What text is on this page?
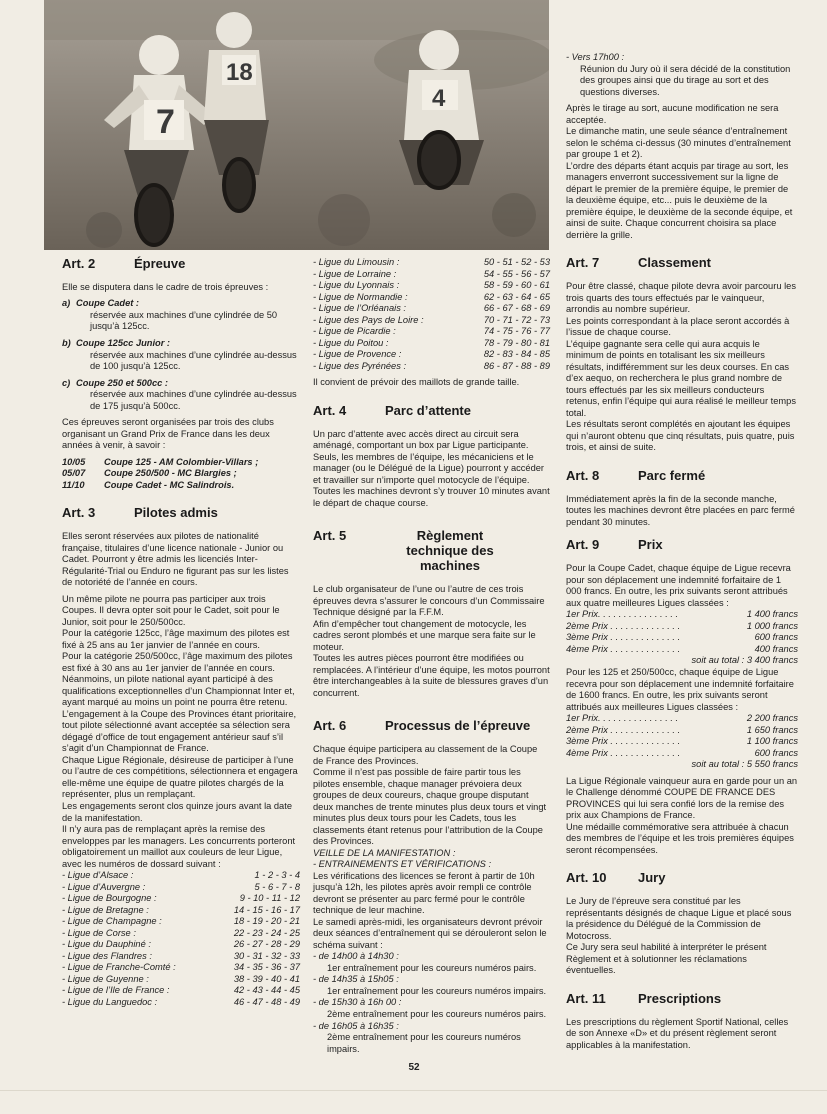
7
18
4
Art. 2	Épreuve

Elle se disputera dans le cadre de trois épreuves :

a) Coupe Cadet :

réservée aux machines d’une cylindrée de 50 jusqu’à 125cc.

b) Coupe 125cc Junior :

réservée aux machines d’une cylindrée au-dessus de 100 jusqu’à 125cc.

c) Coupe 250 et 500cc :

réservée aux machines d’une cylindrée au-dessus de 175 jusqu’à 500cc.

Ces épreuves seront organisées par trois des clubs organisant un Grand Prix de France dans les deux années à venir, à savoir :

10/05	Coupe 125 - AM Colombier-Villars ;
05/07	Coupe 250/500 - MC Blargies ;
11/10	Coupe Cadet - MC Salindrois.
Art. 3	Pilotes admis

Elles seront réservées aux pilotes de nationalité française, titulaires d’une licence nationale - Junior ou Cadet. Pourront y être admis les licenciés Inter-Régularité-Trial ou Enduro ne figurant pas sur les listes de notoriété de l’année en cours.

Un même pilote ne pourra pas participer aux trois Coupes. Il devra opter soit pour le Cadet, soit pour le Junior, soit pour le 250/500cc.

Pour la catégorie 125cc, l’âge maximum des pilotes est fixé à 25 ans au 1er janvier de l’année en cours.

Pour la catégorie 250/500cc, l’âge maximum des pilotes est fixé à 30 ans au 1er janvier de l’année en cours.

Néanmoins, un pilote national ayant participé à des qualifications exceptionnelles d’un Championnat Inter et, ayant marqué au moins un point ne pourra être retenu.

L’engagement à la Coupe des Provinces étant prioritaire, tout pilote sélectionné avant acceptée sa sélection sera dégagé d’office de tout engagement antérieur sauf s’il s’agit d’un Championnat de France.

Chaque Ligue Régionale, désireuse de participer à l’une ou l’autre de ces compétitions, sélectionnera et engagera elle-même une équipe de quatre pilotes chargés de la représenter, plus un remplaçant.

Les engagements seront clos quinze jours avant la date de la manifestation.

Il n’y aura pas de remplaçant après la remise des enveloppes par les managers. Les concurrents porteront obligatoirement un maillot aux couleurs de leur Ligue, avec les numéros de dossard suivant :

- Ligue d’Alsace :	1 - 2 - 3 - 4
- Ligue d’Auvergne :	5 - 6 - 7 - 8
- Ligue de Bourgogne :	9 - 10 - 11 - 12
- Ligue de Bretagne :	14 - 15 - 16 - 17
- Ligue de Champagne :	18 - 19 - 20 - 21
- Ligue de Corse :	22 - 23 - 24 - 25
- Ligue du Dauphiné :	26 - 27 - 28 - 29
- Ligue des Flandres :	30 - 31 - 32 - 33
- Ligue de Franche-Comté :	34 - 35 - 36 - 37
- Ligue de Guyenne :	38 - 39 - 40 - 41
- Ligue de l’Ile de France :	42 - 43 - 44 - 45
- Ligue du Languedoc :	46 - 47 - 48 - 49
- Ligue du Limousin :	50 - 51 - 52 - 53
- Ligue de Lorraine :	54 - 55 - 56 - 57
- Ligue du Lyonnais :	58 - 59 - 60 - 61
- Ligue de Normandie :	62 - 63 - 64 - 65
- Ligue de l’Orléanais :	66 - 67 - 68 - 69
- Ligue des Pays de Loire :	70 - 71 - 72 - 73
- Ligue de Picardie :	74 - 75 - 76 - 77
- Ligue du Poitou :	78 - 79 - 80 - 81
- Ligue de Provence :	82 - 83 - 84 - 85
- Ligue des Pyrénées :	86 - 87 - 88 - 89

Il convient de prévoir des maillots de grande taille.

Art. 4	Parc d’attente

Un parc d’attente avec accès direct au circuit sera aménagé, comportant un box par Ligue participante.

Seuls, les membres de l’équipe, les mécaniciens et le manager (ou le Délégué de la Ligue) pourront y accéder et travailler sur n’importe quel motocycle de l’équipe.

Toutes les machines devront s’y trouver 10 minutes avant le départ de chaque course.

Art. 5	Règlement technique des machines

Le club organisateur de l’une ou l’autre de ces trois épreuves devra s’assurer le concours d’un Commissaire Technique désigné par la F.F.M.

Afin d’empêcher tout changement de motocycle, les cadres seront plombés et une marque sera faite sur le moteur.

Toutes les autres pièces pourront être modifiées ou remplacées. A l’intérieur d’une équipe, les motos pourront être interchangeables à la suite de blessures graves d’un concurrent.

Art. 6	Processus de l’épreuve

Chaque équipe participera au classement de la Coupe de France des Provinces.

Comme il n’est pas possible de faire partir tous les pilotes ensemble, chaque manager prévoiera deux groupes de deux coureurs, chaque groupe disputant deux manches de trente minutes plus deux tours et vingt minutes plus deux tours pour les Cadets, tous les classements étant retenus pour l’attribution de la Coupe des Provinces.

VEILLE DE LA MANIFESTATION :

- ENTRAINEMENTS ET VÉRIFICATIONS :

Les vérifications des licences se feront à partir de 10h jusqu’à 12h, les pilotes après avoir rempli ce contrôle devront se présenter au parc fermé pour le contrôle technique de leur machine.

Le samedi après-midi, les organisateurs devront prévoir deux séances d’entraînement qui se dérouleront selon le schéma suivant :

- de 14h00 à 14h30 :

1er entraînement pour les coureurs numéros pairs.

- de 14h35 à 15h05 :

1er entraînement pour les coureurs numéros impairs.

- de 15h30 à 16h 00 :

2ème entraînement pour les coureurs numéros pairs.

- de 16h05 à 16h35 :

2ème entraînement pour les coureurs numéros impairs.

- Vers 17h00 :

Réunion du Jury où il sera décidé de la constitution des groupes ainsi que du tirage au sort et des questions diverses.

Après le tirage au sort, aucune modification ne sera acceptée.

Le dimanche matin, une seule séance d’entraînement selon le schéma ci-dessus (30 minutes d’entraînement par groupe 1 et 2).

L’ordre des départs étant acquis par tirage au sort, les managers enverront successivement sur la ligne de départ le premier de la première équipe, le premier de la deuxième équipe, etc... puis le deuxième de la première équipe, le deuxième de la seconde équipe, et ainsi de suite. Chaque concurrent choisira sa place derrière la grille.

Art. 7	Classement

Pour être classé, chaque pilote devra avoir parcouru les trois quarts des tours effectués par le vainqueur, arrondis au nombre supérieur.

Les points correspondant à la place seront accordés à l’issue de chaque course.

L’équipe gagnante sera celle qui aura acquis le minimum de points en totalisant les six meilleurs résultats, indifféremment sur les deux courses. En cas d’ex aequo, on recherchera le plus grand nombre de tours effectués par les six meilleurs conducteurs retenus, enfin l’équipe qui aura réalisé le meilleur temps total.

Les résultats seront complétés en ajoutant les équipes qui n’auront obtenu que cinq résultats, puis quatre, puis trois, et ainsi de suite.

Art. 8	Parc fermé

Immédiatement après la fin de la seconde manche, toutes les machines devront être placées en parc fermé pendant 30 minutes.

Art. 9	Prix

Pour la Coupe Cadet, chaque équipe de Ligue recevra pour son déplacement une indemnité forfaitaire de 1 000 francs. En outre, les prix suivants seront attribués aux quatre meilleures Ligues classées :

1er Prix. . . . . . . . . . . . . . . .	1 400 francs
2ème Prix . . . . . . . . . . . . . .	1 000 francs
3ème Prix . . . . . . . . . . . . . .	600 francs
4ème Prix . . . . . . . . . . . . . .	400 francs

soit au total : 3 400 francs

Pour les 125 et 250/500cc, chaque équipe de Ligue recevra pour son déplacement une indemnité forfaitaire de 1600 francs. En outre, les prix suivants seront attribués aux meilleures Ligues classées :

1er Prix. . . . . . . . . . . . . . . .	2 200 francs
2ème Prix . . . . . . . . . . . . . .	1 650 francs
3ème Prix . . . . . . . . . . . . . .	1 100 francs
4ème Prix . . . . . . . . . . . . . .	600 francs

soit au total : 5 550 francs

La Ligue Régionale vainqueur aura en garde pour un an le Challenge dénommé COUPE DE FRANCE DES PROVINCES qui lui sera confié lors de la remise des prix aux Champions de France.

Une médaille commémorative sera attribuée à chacun des membres de l’équipe et les trois premières équipes seront récompensées.

Art. 10	Jury

Le Jury de l’épreuve sera constitué par les représentants désignés de chaque Ligue et placé sous la présidence du Délégué de la Commission de Motocross.

Ce Jury sera seul habilité à interpréter le présent Règlement et à solutionner les réclamations éventuelles.

Art. 11	Prescriptions

Les prescriptions du règlement Sportif National, celles de son Annexe «D» et du présent règlement seront applicables à la manifestation.

52
